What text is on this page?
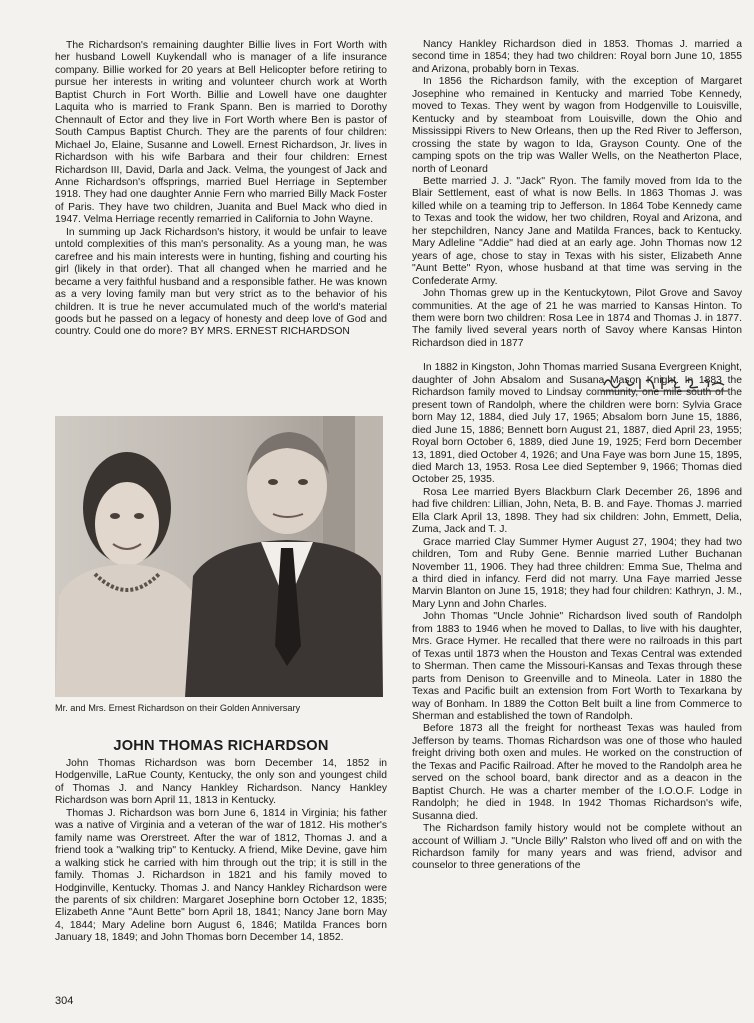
The Richardson's remaining daughter Billie lives in Fort Worth with her husband Lowell Kuykendall who is manager of a life insurance company. Billie worked for 20 years at Bell Helicopter before retiring to pursue her interests in writing and volunteer church work at Worth Baptist Church in Fort Worth. Billie and Lowell have one daughter Laquita who is married to Frank Spann. Ben is married to Dorothy Chennault of Ector and they live in Fort Worth where Ben is pastor of South Campus Baptist Church. They are the parents of four children: Michael Jo, Elaine, Susanne and Lowell. Ernest Richardson, Jr. lives in Richardson with his wife Barbara and their four children: Ernest Richardson III, David, Darla and Jack. Velma, the youngest of Jack and Anne Richardson's offsprings, married Buel Herriage in September 1918. They had one daughter Annie Fern who married Billy Mack Foster of Paris. They have two children, Juanita and Buel Mack who died in 1947. Velma Herriage recently remarried in California to John Wayne.

In summing up Jack Richardson's history, it would be unfair to leave untold complexities of this man's personality. As a young man, he was carefree and his main interests were in hunting, fishing and courting his girl (likely in that order). That all changed when he married and he became a very faithful husband and a responsible father. He was known as a very loving family man but very strict as to the behavior of his children. It is true he never accumulated much of the world's material goods but he passed on a legacy of honesty and deep love of God and country. Could one do more? BY MRS. ERNEST RICHARDSON

Mr. and Mrs. Ernest Richardson on their Golden Anniversary
JOHN THOMAS RICHARDSON

John Thomas Richardson was born December 14, 1852 in Hodgenville, LaRue County, Kentucky, the only son and youngest child of Thomas J. and Nancy Hankley Richardson. Nancy Hankley Richardson was born April 11, 1813 in Kentucky.

Thomas J. Richardson was born June 6, 1814 in Virginia; his father was a native of Virginia and a veteran of the war of 1812. His mother's family name was Orerstreet. After the war of 1812, Thomas J. and a friend took a "walking trip" to Kentucky. A friend, Mike Devine, gave him a walking stick he carried with him through out the trip; it is still in the family. Thomas J. Richardson in 1821 and his family moved to Hodginville, Kentucky. Thomas J. and Nancy Hankley Richardson were the parents of six children: Margaret Josephine born October 12, 1835; Elizabeth Anne "Aunt Bette" born April 18, 1841; Nancy Jane born May 4, 1844; Mary Adeline born August 6, 1846; Matilda Frances born January 18, 1849; and John Thomas born December 14, 1852.

Nancy Hankley Richardson died in 1853. Thomas J. married a second time in 1854; they had two children: Royal born June 10, 1855 and Arizona, probably born in Texas.

In 1856 the Richardson family, with the exception of Margaret Josephine who remained in Kentucky and married Tobe Kennedy, moved to Texas. They went by wagon from Hodgenville to Louisville, Kentucky and by steamboat from Louisville, down the Ohio and Mississippi Rivers to New Orleans, then up the Red River to Jefferson, crossing the state by wagon to Ida, Grayson County. One of the camping spots on the trip was Waller Wells, on the Neatherton Place, north of Leonard

Bette married J. J. "Jack" Ryon. The family moved from Ida to the Blair Settlement, east of what is now Bells. In 1863 Thomas J. was killed while on a teaming trip to Jefferson. In 1864 Tobe Kennedy came to Texas and took the widow, her two children, Royal and Arizona, and her stepchildren, Nancy Jane and Matilda Frances, back to Kentucky. Mary Adleline "Addie" had died at an early age. John Thomas now 12 years of age, chose to stay in Texas with his sister, Elizabeth Anne "Aunt Bette" Ryon, whose husband at that time was serving in the Confederate Army.

John Thomas grew up in the Kentuckytown, Pilot Grove and Savoy communities. At the age of 21 he was married to Kansas Hinton. To them were born two children: Rosa Lee in 1874 and Thomas J. in 1877. The family lived several years north of Savoy where Kansas Hinton Richardson died in 1877

In 1882 in Kingston, John Thomas married Susana Evergreen Knight, daughter of John Absalom and Susana Mason Knight. In 1883 the Richardson family moved to Lindsay community, one mile south of the present town of Randolph, where the children were born: Sylvia Grace born May 12, 1884, died July 17, 1965; Absalom born June 15, 1886, died June 15, 1886; Bennett born August 21, 1887, died April 23, 1955; Royal born October 6, 1889, died June 19, 1925; Ferd born December 13, 1891, died October 4, 1926; and Una Faye was born June 15, 1895, died March 13, 1953. Rosa Lee died September 9, 1966; Thomas died October 25, 1935.

Rosa Lee married Byers Blackburn Clark December 26, 1896 and had five children: Lillian, John, Neta, B. B. and Faye. Thomas J. married Ella Clark April 13, 1898. They had six children: John, Emmett, Delia, Zuma, Jack and T. J.

Grace married Clay Summer Hymer August 27, 1904; they had two children, Tom and Ruby Gene. Bennie married Luther Buchanan November 11, 1906. They had three children: Emma Sue, Thelma and a third died in infancy. Ferd did not marry. Una Faye married Jesse Marvin Blanton on June 15, 1918; they had four children: Kathryn, J. M., Mary Lynn and John Charles.

John Thomas "Uncle Johnie" Richardson lived south of Randolph from 1883 to 1946 when he moved to Dallas, to live with his daughter, Mrs. Grace Hymer. He recalled that there were no railroads in this part of Texas until 1873 when the Houston and Texas Central was extended to Sherman. Then came the Missouri-Kansas and Texas through these parts from Denison to Greenville and to Mineola. Later in 1880 the Texas and Pacific built an extension from Fort Worth to Texarkana by way of Bonham. In 1889 the Cotton Belt built a line from Commerce to Sherman and established the town of Randolph.

Before 1873 all the freight for northeast Texas was hauled from Jefferson by teams. Thomas Richardson was one of those who hauled freight driving both oxen and mules. He worked on the construction of the Texas and Pacific Railroad. After he moved to the Randolph area he served on the school board, bank director and as a deacon in the Baptist Church. He was a charter member of the I.O.O.F. Lodge in Randolph; he died in 1948. In 1942 Thomas Richardson's wife, Susanna died.

The Richardson family history would not be complete without an account of William J. "Uncle Billy" Ralston who lived off and on with the Richardson family for many years and was friend, advisor and counselor to three generations of the

304
